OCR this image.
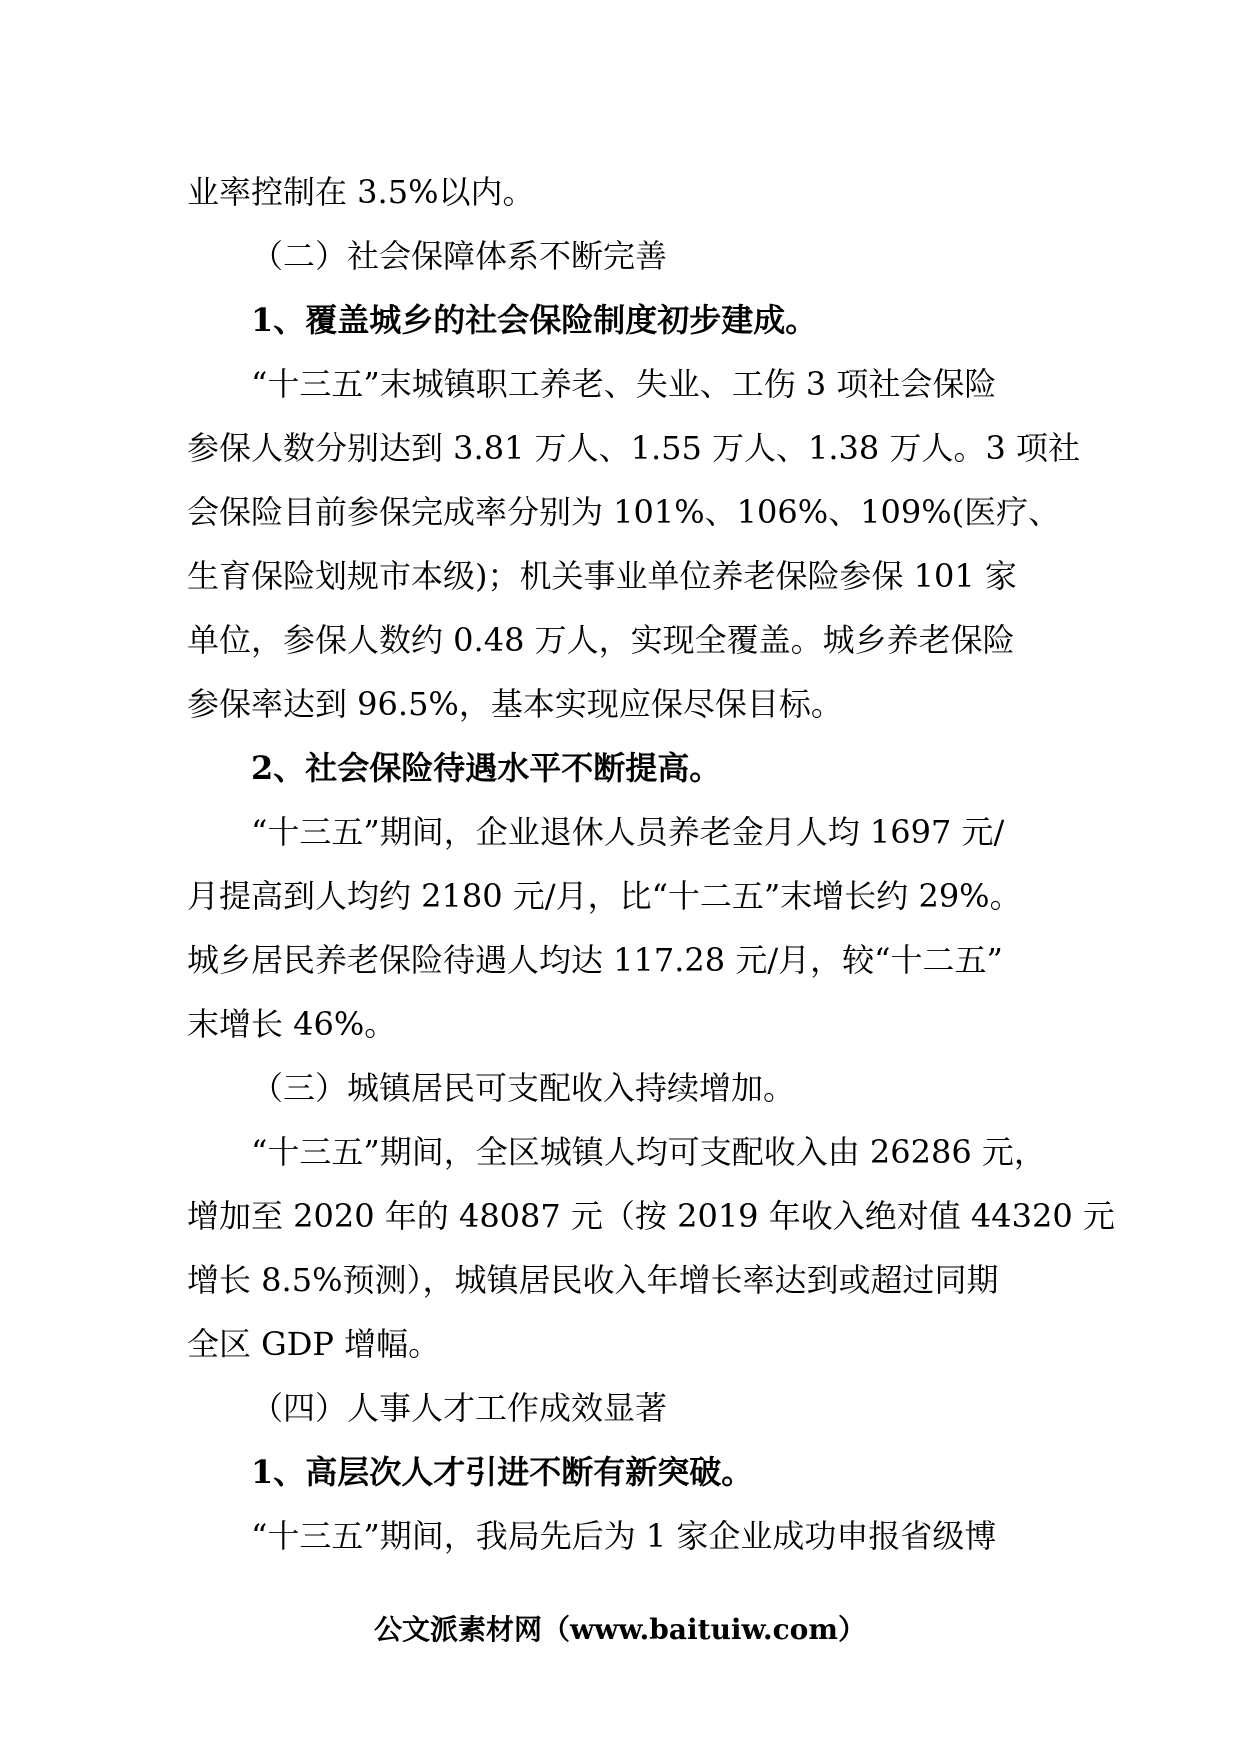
业率控制在 3.5%以内。
（二）社会保障体系不断完善
1、覆盖城乡的社会保险制度初步建成。
“十三五”末城镇职工养老、失业、工伤 3 项社会保险
参保人数分别达到 3.81 万人、1.55 万人、1.38 万人。3 项社
会保险目前参保完成率分别为 101%、106%、109%(医疗、
生育保险划规市本级)；机关事业单位养老保险参保 101 家
单位，参保人数约 0.48 万人，实现全覆盖。城乡养老保险
参保率达到 96.5%，基本实现应保尽保目标。
2、社会保险待遇水平不断提高。
“十三五”期间，企业退休人员养老金月人均 1697 元/
月提高到人均约 2180 元/月，比“十二五”末增长约 29%。
城乡居民养老保险待遇人均达 117.28 元/月，较“十二五”
末增长 46%。
（三）城镇居民可支配收入持续增加。
“十三五”期间，全区城镇人均可支配收入由 26286 元，
增加至 2020 年的 48087 元（按 2019 年收入绝对值 44320 元
增长 8.5%预测），城镇居民收入年增长率达到或超过同期
全区 GDP 增幅。
（四）人事人才工作成效显著
1、高层次人才引进不断有新突破。
“十三五”期间，我局先后为 1 家企业成功申报省级博
公文派素材网（www.baituiw.com）
